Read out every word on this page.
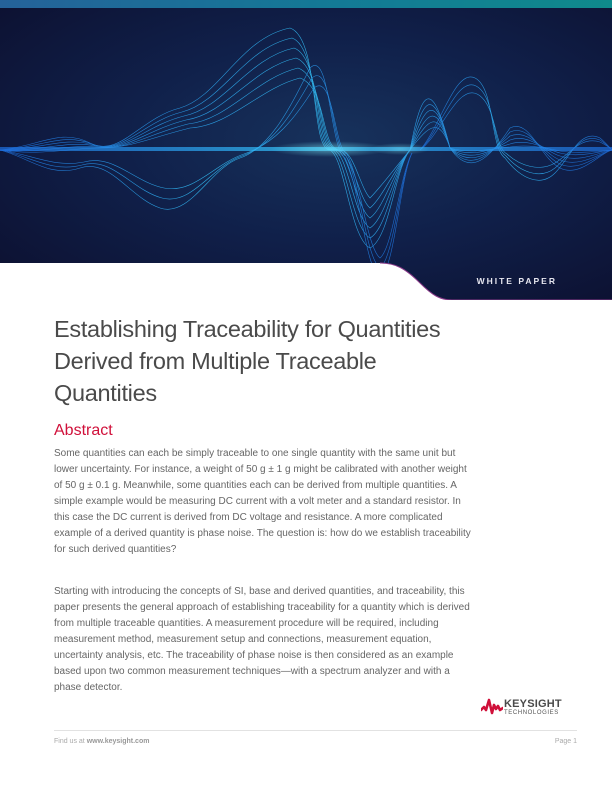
WHITE PAPER
Establishing Traceability for Quantities
Derived from Multiple Traceable
Quantities
Abstract

Some quantities can each be simply traceable to one single quantity with the same unit but lower uncertainty. For instance, a weight of 50 g ± 1 g might be calibrated with another weight of 50 g ± 0.1 g. Meanwhile, some quantities each can be derived from multiple quantities. A simple example would be measuring DC current with a volt meter and a standard resistor. In this case the DC current is derived from DC voltage and resistance. A more complicated example of a derived quantity is phase noise. The question is: how do we establish traceability for such derived quantities?

Starting with introducing the concepts of SI, base and derived quantities, and traceability, this paper presents the general approach of establishing traceability for a quantity which is derived from multiple traceable quantities. A measurement procedure will be required, including measurement method, measurement setup and connections, measurement equation, uncertainty analysis, etc. The traceability of phase noise is then considered as an example based upon two common measurement techniques—with a spectrum analyzer and with a phase detector.

KEYSIGHT
TECHNOLOGIES
Find us at www.keysight.com	Page 1
